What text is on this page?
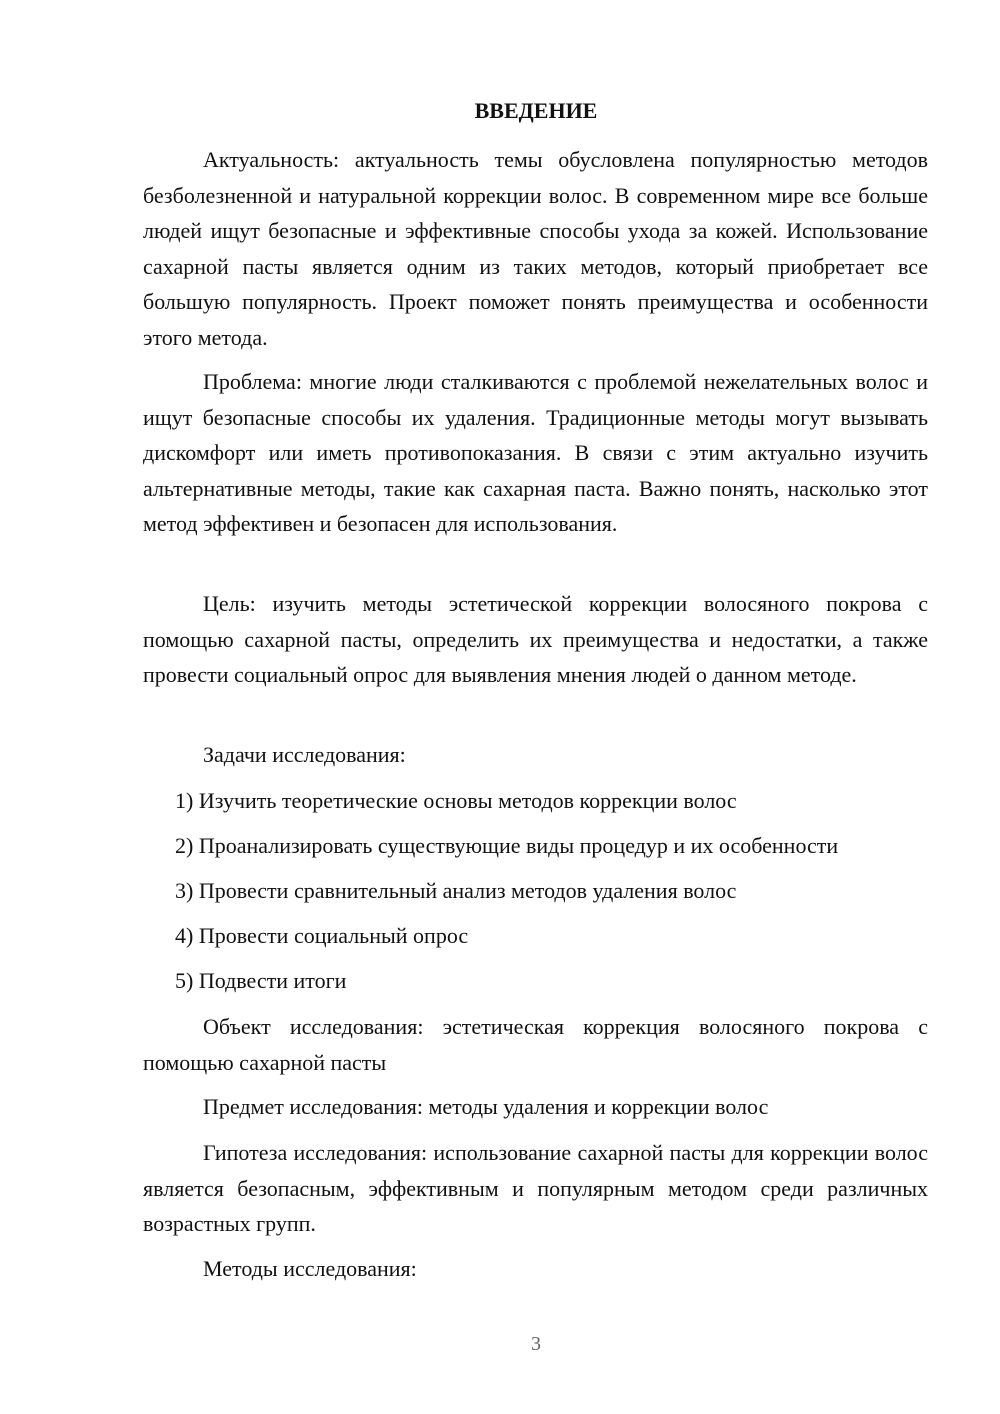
ВВЕДЕНИЕ

Актуальность: актуальность темы обусловлена популярностью методов безболезненной и натуральной коррекции волос. В современном мире все больше людей ищут безопасные и эффективные способы ухода за кожей. Использование сахарной пасты является одним из таких методов, который приобретает все большую популярность. Проект поможет понять преимущества и особенности этого метода.

Проблема: многие люди сталкиваются с проблемой нежелательных волос и ищут безопасные способы их удаления. Традиционные методы могут вызывать дискомфорт или иметь противопоказания. В связи с этим актуально изучить альтернативные методы, такие как сахарная паста. Важно понять, насколько этот метод эффективен и безопасен для использования.

Цель: изучить методы эстетической коррекции волосяного покрова с помощью сахарной пасты, определить их преимущества и недостатки, а также провести социальный опрос для выявления мнения людей о данном методе.

Задачи исследования:

1) Изучить теоретические основы методов коррекции волос

2) Проанализировать существующие виды процедур и их особенности

3) Провести сравнительный анализ методов удаления волос

4) Провести социальный опрос

5) Подвести итоги

Объект исследования: эстетическая коррекция волосяного покрова с помощью сахарной пасты

Предмет исследования: методы удаления и коррекции волос

Гипотеза исследования: использование сахарной пасты для коррекции волос является безопасным, эффективным и популярным методом среди различных возрастных групп.

Методы исследования:

3
